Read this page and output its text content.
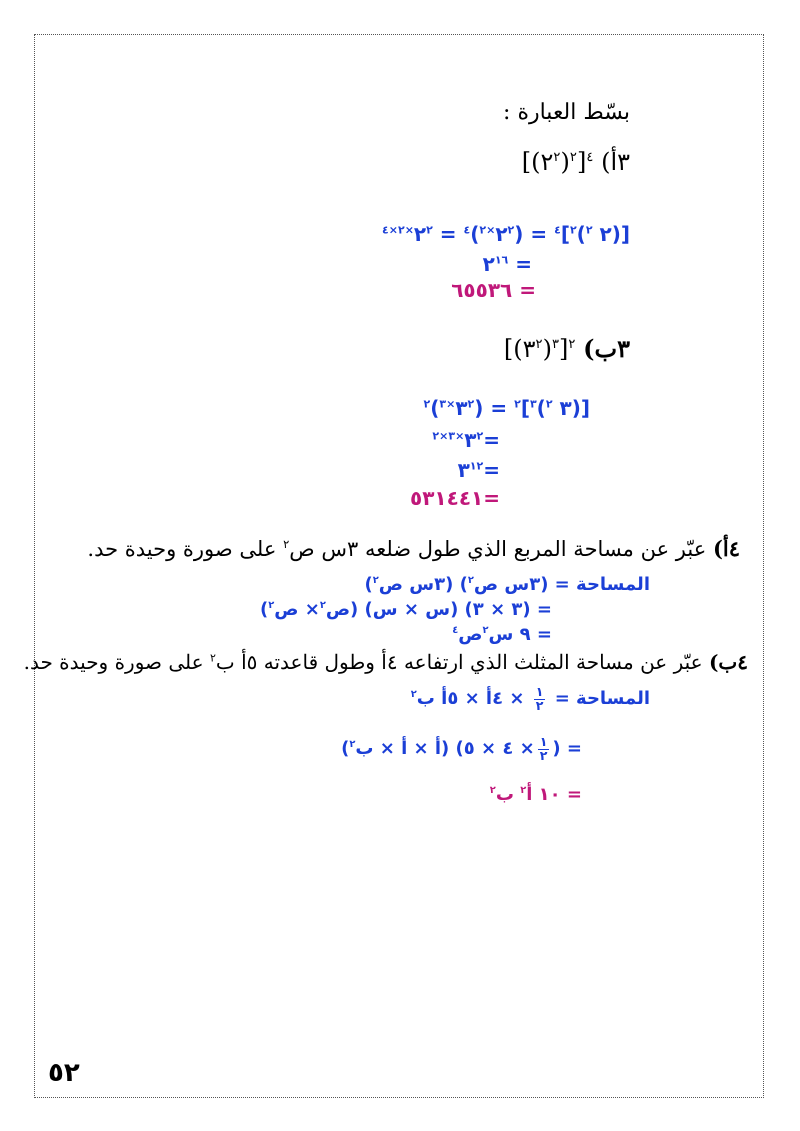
بسّط العبارة :
٣أ) $[(٢^٢)^٢]^٤$
[(٢ $^٢)^٢]^٤ = (٢^{٢\times ٢})^٤$ = $٢^{٢\times ٢\times ٤}$
= $٢^{١٦}$
= ٦٥٥٣٦
٣ب) $[(٣^٢)^٣]^٢$
[(٣ $^٢)^٣]^٢ = (٣^{٢\times ٣})^٢$
$=٣^{٢\times ٣\times ٢}$
$=٣^{١٢}$
=٥٣١٤٤١
٤أ) عبّر عن مساحة المربع الذي طول ضلعه ٣س ص$^٢$ على صورة وحيدة حد.
المساحة = (٣س ص$^٢$) (٣س ص$^٢$)
= (٣ × ٣) (س × س) (ص$^٢$× ص$^٢$)
= ٩ س$^٢$ص$^٤$
٤ب) عبّر عن مساحة المثلث الذي ارتفاعه ٤أ وطول قاعدته ٥أ ب$^٢$ على صورة وحيدة حد.
المساحة =
$\frac{١}{٢}$
× ٤أ × ٥أ ب$^٢$
= (
$\frac{١}{٢}$
× ٤ × ٥) (أ × أ × ب$^٢$)
= ١٠ أ$^٢$ ب$^٢$
٥٢
